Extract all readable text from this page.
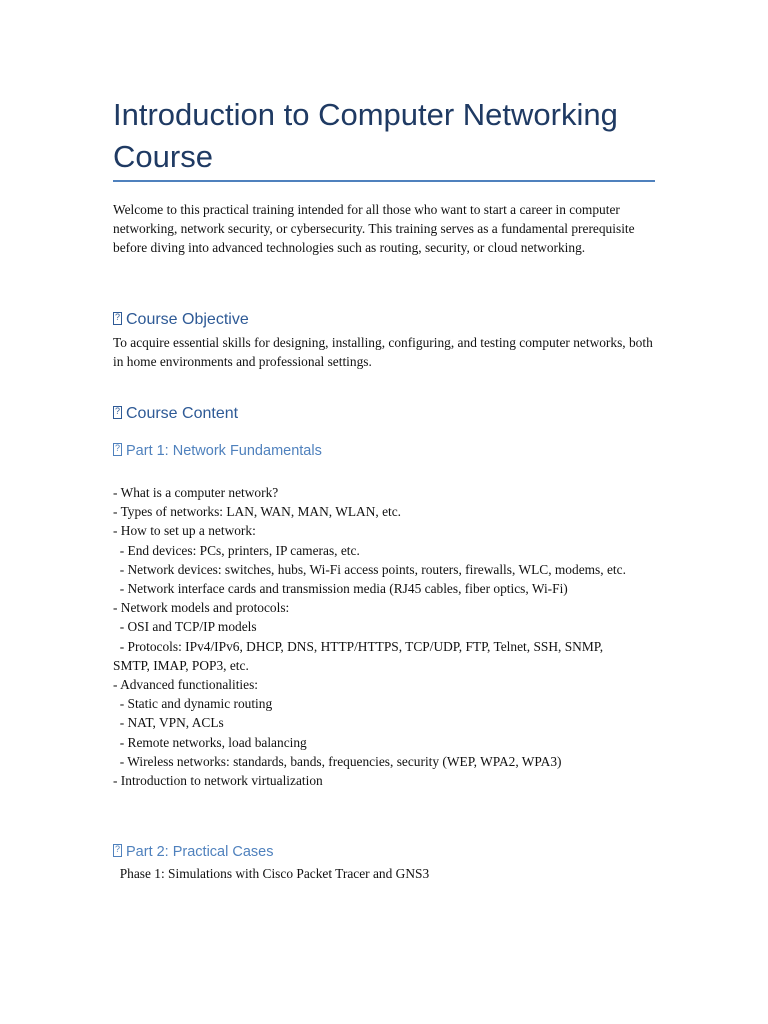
Introduction to Computer Networking Course

Welcome to this practical training intended for all those who want to start a career in computer networking, network security, or cybersecurity. This training serves as a fundamental prerequisite before diving into advanced technologies such as routing, security, or cloud networking.

?Course Objective

To acquire essential skills for designing, installing, configuring, and testing computer networks, both in home environments and professional settings.

?Course Content
?Part 1: Network Fundamentals
- What is a computer network?
- Types of networks: LAN, WAN, MAN, WLAN, etc.
- How to set up a network:
- End devices: PCs, printers, IP cameras, etc.
- Network devices: switches, hubs, Wi-Fi access points, routers, firewalls, WLC, modems, etc.
- Network interface cards and transmission media (RJ45 cables, fiber optics, Wi-Fi)
- Network models and protocols:
- OSI and TCP/IP models
- Protocols: IPv4/IPv6, DHCP, DNS, HTTP/HTTPS, TCP/UDP, FTP, Telnet, SSH, SNMP, SMTP, IMAP, POP3, etc.
- Advanced functionalities:
- Static and dynamic routing
- NAT, VPN, ACLs
- Remote networks, load balancing
- Wireless networks: standards, bands, frequencies, security (WEP, WPA2, WPA3)
- Introduction to network virtualization
?Part 2: Practical Cases

Phase 1: Simulations with Cisco Packet Tracer and GNS3
